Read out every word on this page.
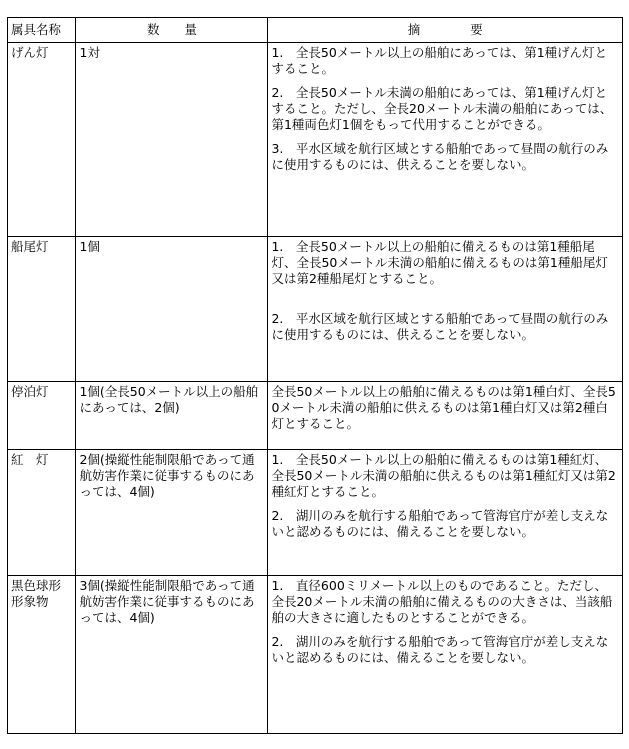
属具名称	数　　量	摘　　　　要
げん灯	1対	1.　全長50メートル以上の船舶にあっては、第1種げん灯とすること。
2.　全長50メートル未満の船舶にあっては、第1種げん灯とすること。ただし、全長20メートル未満の船舶にあっては、第1種両色灯1個をもって代用することができる。
3.　平水区域を航行区域とする船舶であって昼間の航行のみに使用するものには、供えることを要しない。

船尾灯	1個	1.　全長50メートル以上の船舶に備えるものは第1種船尾灯、全長50メートル未満の船舶に備えるものは第1種船尾灯又は第2種船尾灯とすること。
2.　平水区域を航行区域とする船舶であって昼間の航行のみに使用するものには、供えることを要しない。

停泊灯	1個(全長50メートル以上の船舶にあっては、2個)	全長50メートル以上の船舶に備えるものは第1種白灯、全長50メートル未満の船舶に供えるものは第1種白灯又は第2種白灯とすること。

紅　灯	2個(操縦性能制限船であって通航妨害作業に従事するものにあっては、4個)	1.　全長50メートル以上の船舶に備えるものは第1種紅灯、全長50メートル未満の船舶に供えるものは第1種紅灯又は第2種紅灯とすること。
2.　湖川のみを航行する船舶であって管海官庁が差し支えないと認めるものには、備えることを要しない。

黒色球形形象物	3個(操縦性能制限船であって通航妨害作業に従事するものにあっては、4個)	1.　直径600ミリメートル以上のものであること。ただし、全長20メートル未満の船舶に備えるものの大きさは、当該船舶の大きさに適したものとすることができる。
2.　湖川のみを航行する船舶であって管海官庁が差し支えないと認めるものには、備えることを要しない。
